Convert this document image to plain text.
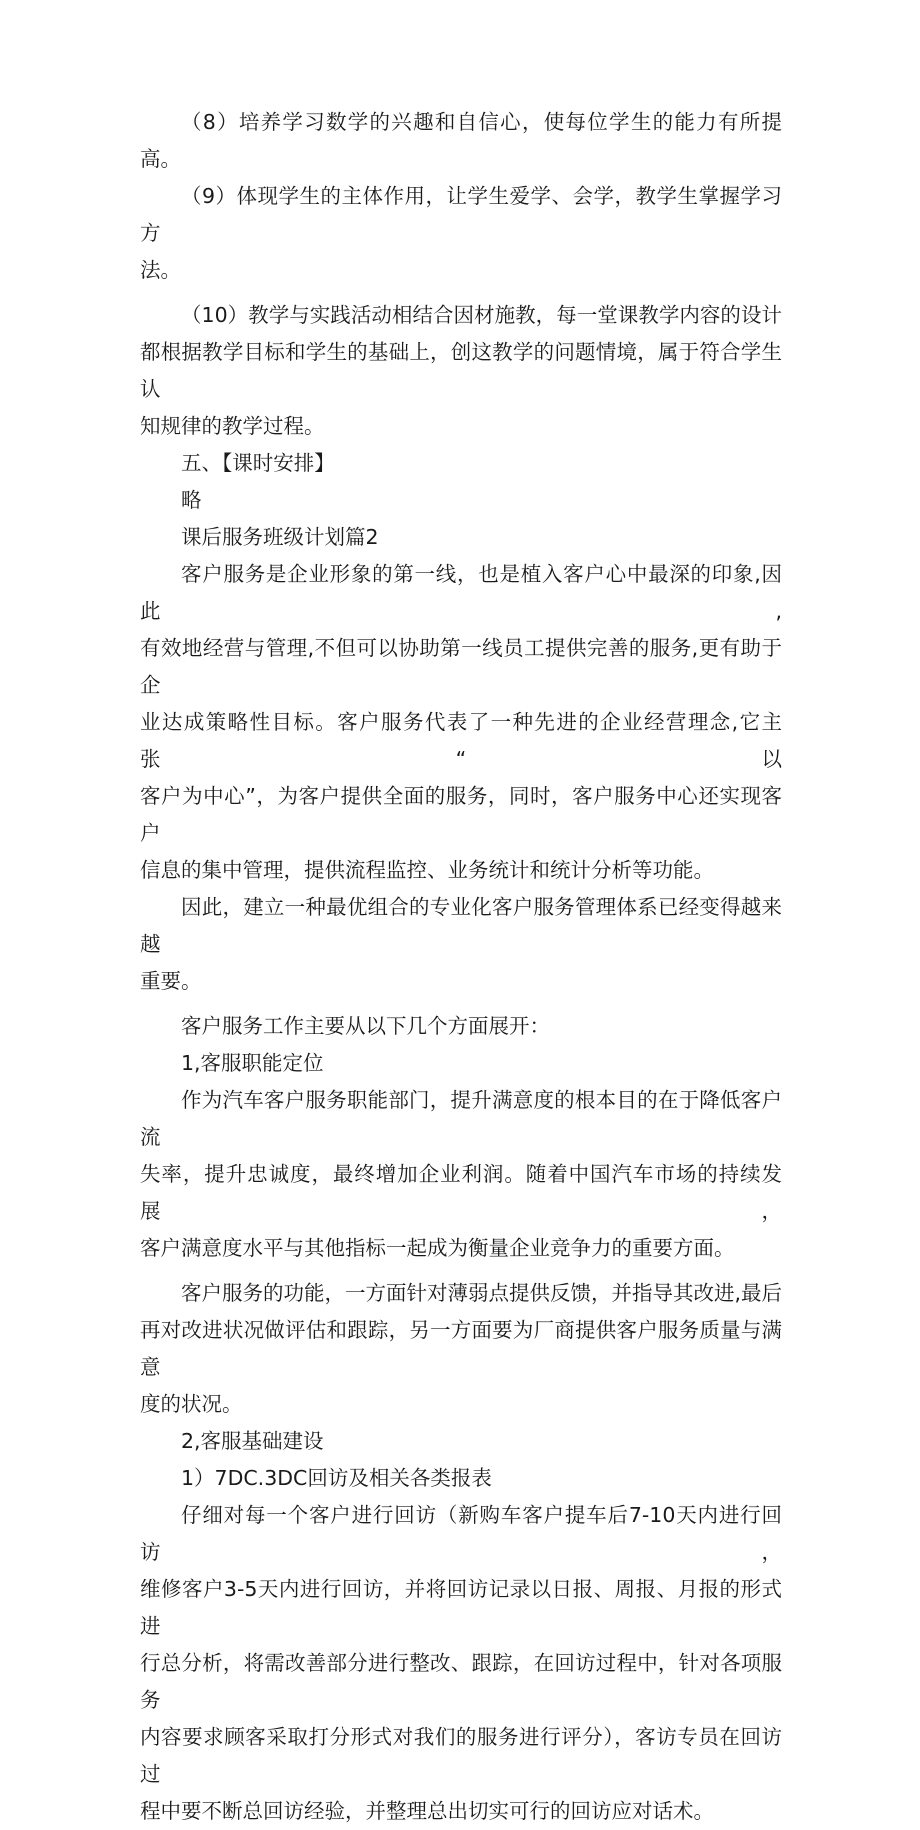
（8）培养学习数学的兴趣和自信心，使每位学生的能力有所提高。
（9）体现学生的主体作用，让学生爱学、会学，教学生掌握学习方
法。
（10）教学与实践活动相结合因材施教，每一堂课教学内容的设计
都根据教学目标和学生的基础上，创这教学的问题情境，属于符合学生认
知规律的教学过程。
五、【课时安排】
略
课后服务班级计划篇2
客户服务是企业形象的第一线，也是植入客户心中最深的印象,因此,
有效地经营与管理,不但可以协助第一线员工提供完善的服务,更有助于企
业达成策略性目标。客户服务代表了一种先进的企业经营理念,它主张“以
客户为中心”，为客户提供全面的服务，同时，客户服务中心还实现客户
信息的集中管理，提供流程监控、业务统计和统计分析等功能。
因此，建立一种最优组合的专业化客户服务管理体系已经变得越来越
重要。
客户服务工作主要从以下几个方面展开：
1,客服职能定位
作为汽车客户服务职能部门，提升满意度的根本目的在于降低客户流
失率，提升忠诚度，最终增加企业利润。随着中国汽车市场的持续发展，
客户满意度水平与其他指标一起成为衡量企业竞争力的重要方面。
客户服务的功能，一方面针对薄弱点提供反馈，并指导其改进,最后
再对改进状况做评估和跟踪，另一方面要为厂商提供客户服务质量与满意
度的状况。
2,客服基础建设
1）7DC.3DC回访及相关各类报表
仔细对每一个客户进行回访（新购车客户提车后7-10天内进行回访，
维修客户3-5天内进行回访，并将回访记录以日报、周报、月报的形式进
行总分析，将需改善部分进行整改、跟踪，在回访过程中，针对各项服务
内容要求顾客采取打分形式对我们的服务进行评分），客访专员在回访过
程中要不断总回访经验，并整理总出切实可行的回访应对话术。
